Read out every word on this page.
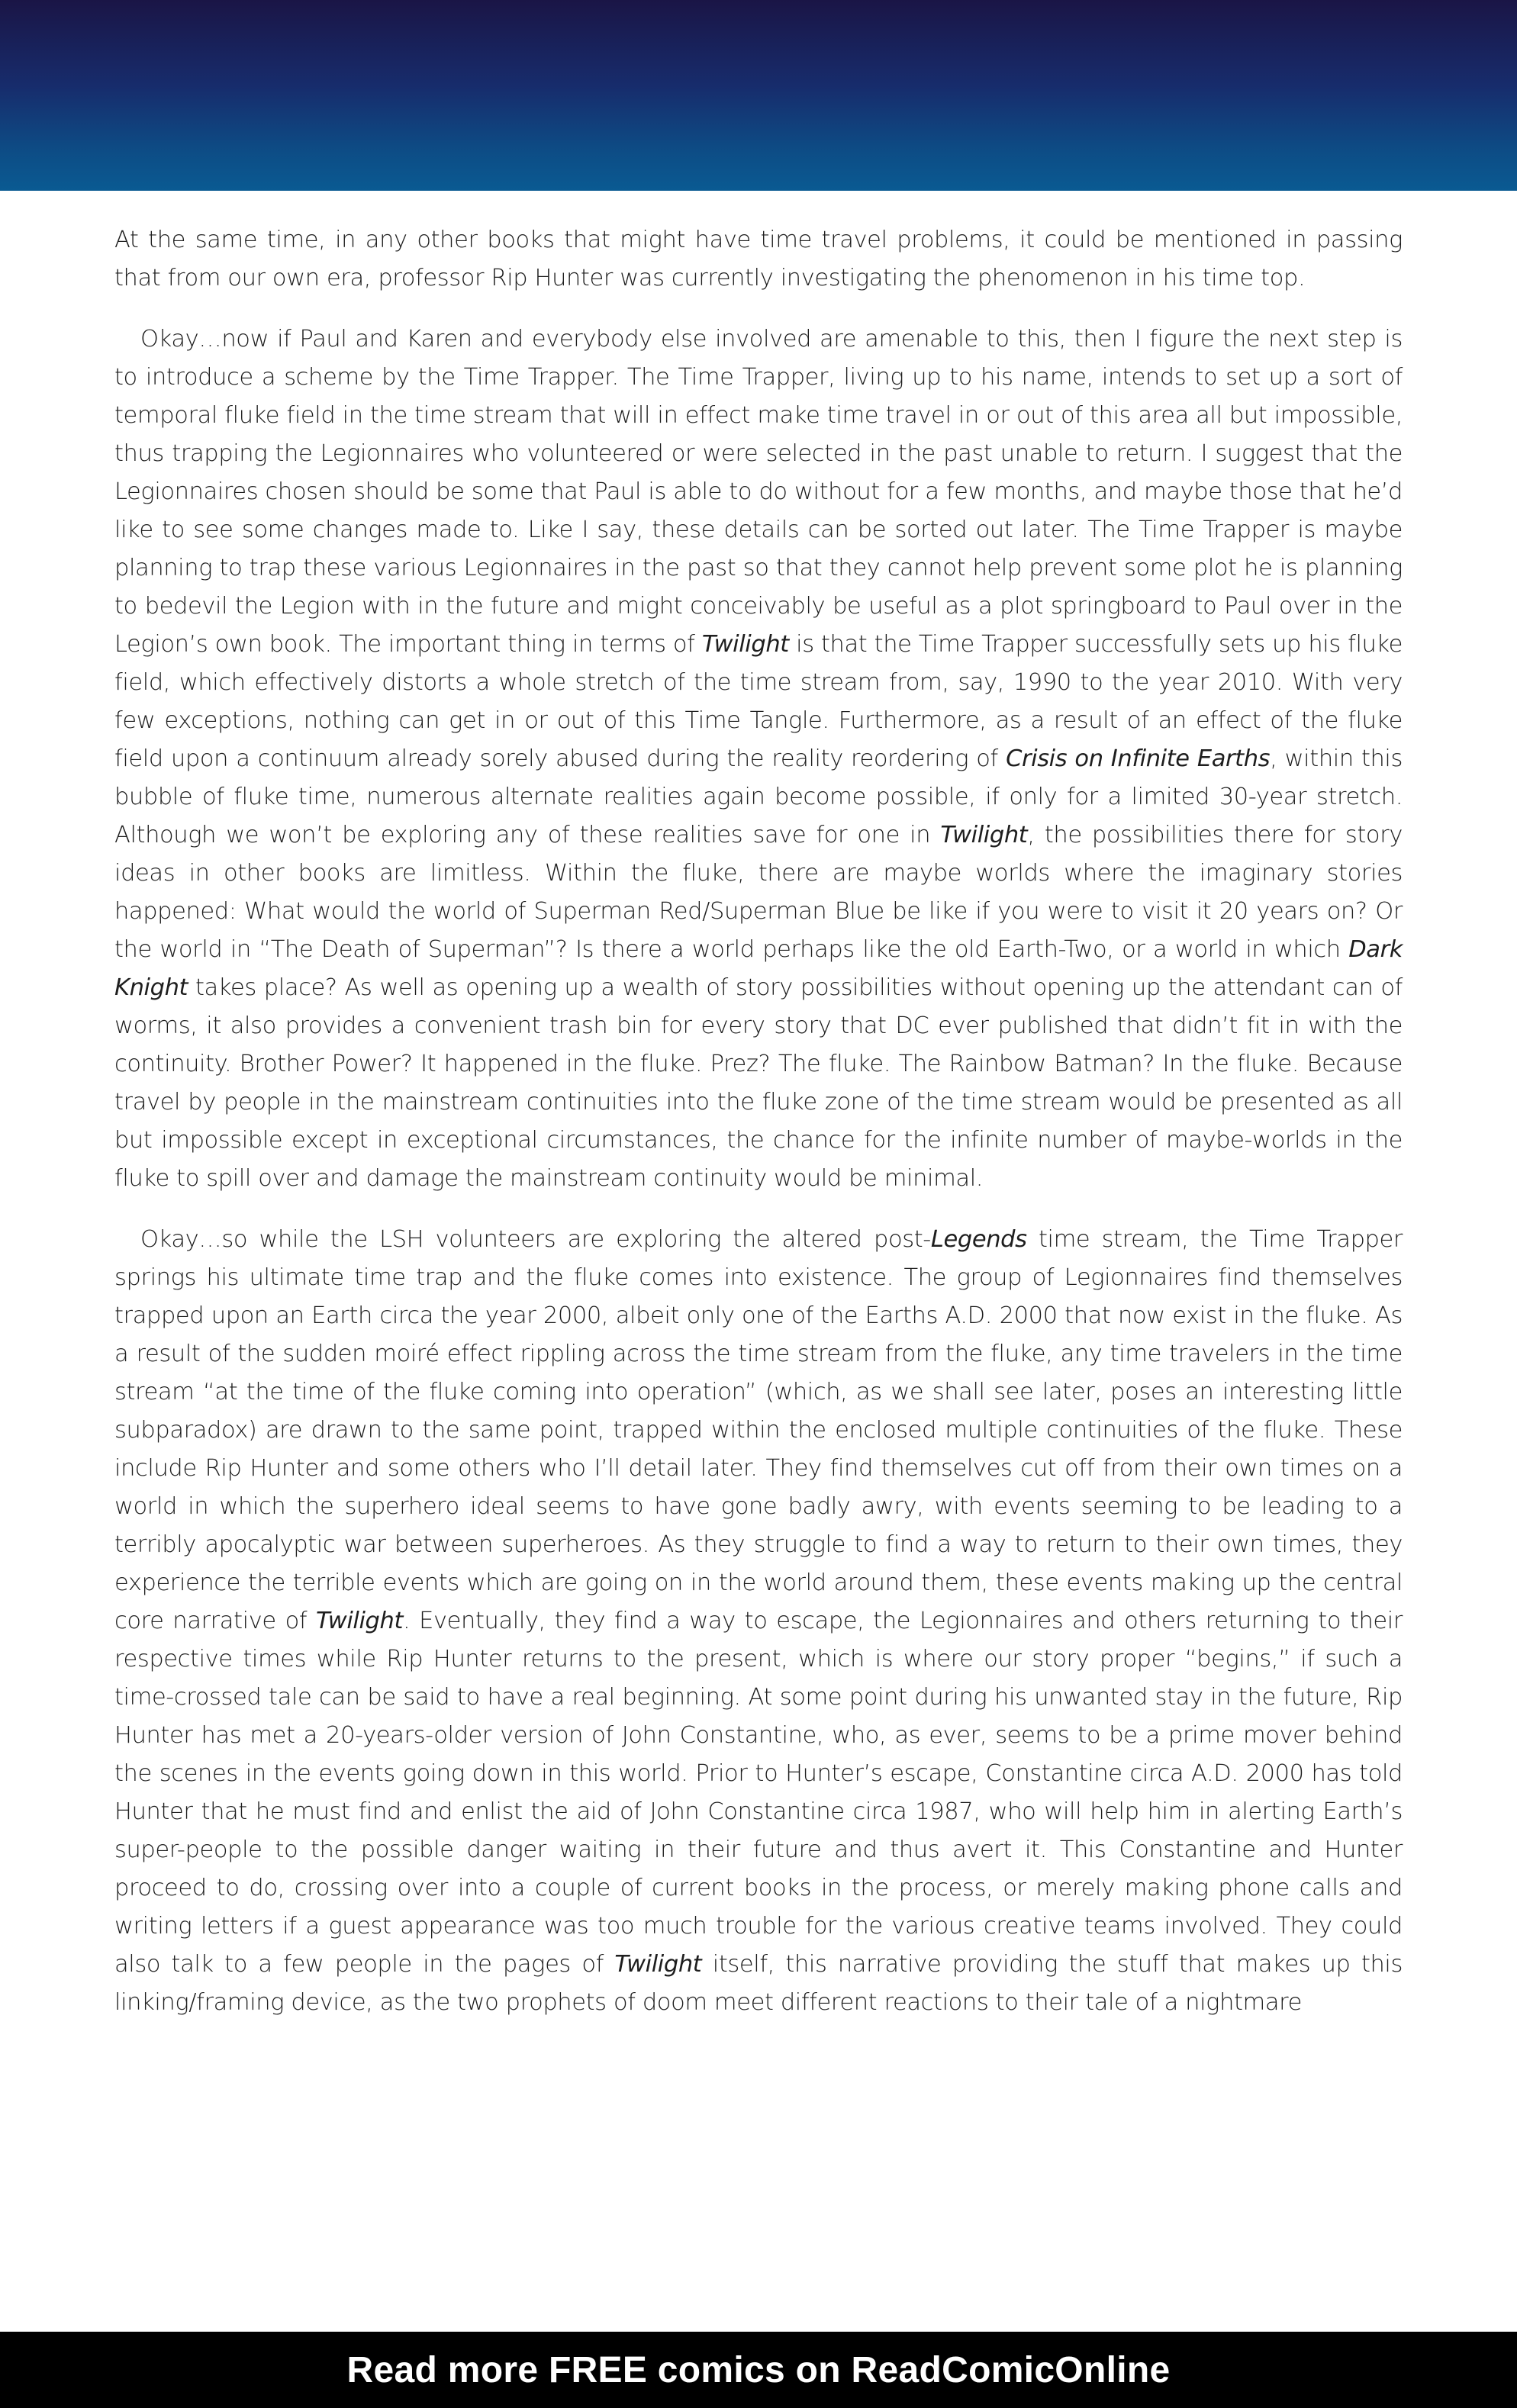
At the same time, in any other books that might have time travel problems, it could be mentioned in passing that from our own era, professor Rip Hunter was currently investigating the phenomenon in his time top.

Okay…now if Paul and Karen and everybody else involved are amenable to this, then I figure the next step is to introduce a scheme by the Time Trapper. The Time Trapper, living up to his name, intends to set up a sort of temporal fluke field in the time stream that will in effect make time travel in or out of this area all but impossible, thus trapping the Legionnaires who volunteered or were selected in the past unable to return. I suggest that the Legionnaires chosen should be some that Paul is able to do without for a few months, and maybe those that he’d like to see some changes made to. Like I say, these details can be sorted out later. The Time Trapper is maybe planning to trap these various Legionnaires in the past so that they cannot help prevent some plot he is planning to bedevil the Legion with in the future and might conceivably be useful as a plot springboard to Paul over in the Legion’s own book. The important thing in terms of Twilight is that the Time Trapper successfully sets up his fluke field, which effectively distorts a whole stretch of the time stream from, say, 1990 to the year 2010. With very few exceptions, nothing can get in or out of this Time Tangle. Furthermore, as a result of an effect of the fluke field upon a continuum already sorely abused during the reality reordering of Crisis on Infinite Earths, within this bubble of fluke time, numerous alternate realities again become possible, if only for a limited 30-year stretch. Although we won’t be exploring any of these realities save for one in Twilight, the possibilities there for story ideas in other books are limitless. Within the fluke, there are maybe worlds where the imaginary stories happened: What would the world of Superman Red/Superman Blue be like if you were to visit it 20 years on? Or the world in “The Death of Superman”? Is there a world perhaps like the old Earth-Two, or a world in which Dark Knight takes place? As well as opening up a wealth of story possibilities without opening up the attendant can of worms, it also provides a convenient trash bin for every story that DC ever published that didn’t fit in with the continuity. Brother Power? It happened in the fluke. Prez? The fluke. The Rainbow Batman? In the fluke. Because travel by people in the mainstream continuities into the fluke zone of the time stream would be presented as all but impossible except in exceptional circumstances, the chance for the infinite number of maybe-worlds in the fluke to spill over and damage the mainstream continuity would be minimal.

Okay…so while the LSH volunteers are exploring the altered post-Legends time stream, the Time Trapper springs his ultimate time trap and the fluke comes into existence. The group of Legionnaires find themselves trapped upon an Earth circa the year 2000, albeit only one of the Earths A.D. 2000 that now exist in the fluke. As a result of the sudden moiré effect rippling across the time stream from the fluke, any time travelers in the time stream “at the time of the fluke coming into operation” (which, as we shall see later, poses an interesting little subparadox) are drawn to the same point, trapped within the enclosed multiple continuities of the fluke. These include Rip Hunter and some others who I’ll detail later. They find themselves cut off from their own times on a world in which the superhero ideal seems to have gone badly awry, with events seeming to be leading to a terribly apocalyptic war between superheroes. As they struggle to find a way to return to their own times, they experience the terrible events which are going on in the world around them, these events making up the central core narrative of Twilight. Eventually, they find a way to escape, the Legionnaires and others returning to their respective times while Rip Hunter returns to the present, which is where our story proper “begins,” if such a time-crossed tale can be said to have a real beginning. At some point during his unwanted stay in the future, Rip Hunter has met a 20-years-older version of John Constantine, who, as ever, seems to be a prime mover behind the scenes in the events going down in this world. Prior to Hunter’s escape, Constantine circa A.D. 2000 has told Hunter that he must find and enlist the aid of John Constantine circa 1987, who will help him in alerting Earth’s super-people to the possible danger waiting in their future and thus avert it. This Constantine and Hunter proceed to do, crossing over into a couple of current books in the process, or merely making phone calls and writing letters if a guest appearance was too much trouble for the various creative teams involved. They could also talk to a few people in the pages of Twilight itself, this narrative providing the stuff that makes up this linking/framing device, as the two prophets of doom meet different reactions to their tale of a nightmare

Read more FREE comics on ReadComicOnline
